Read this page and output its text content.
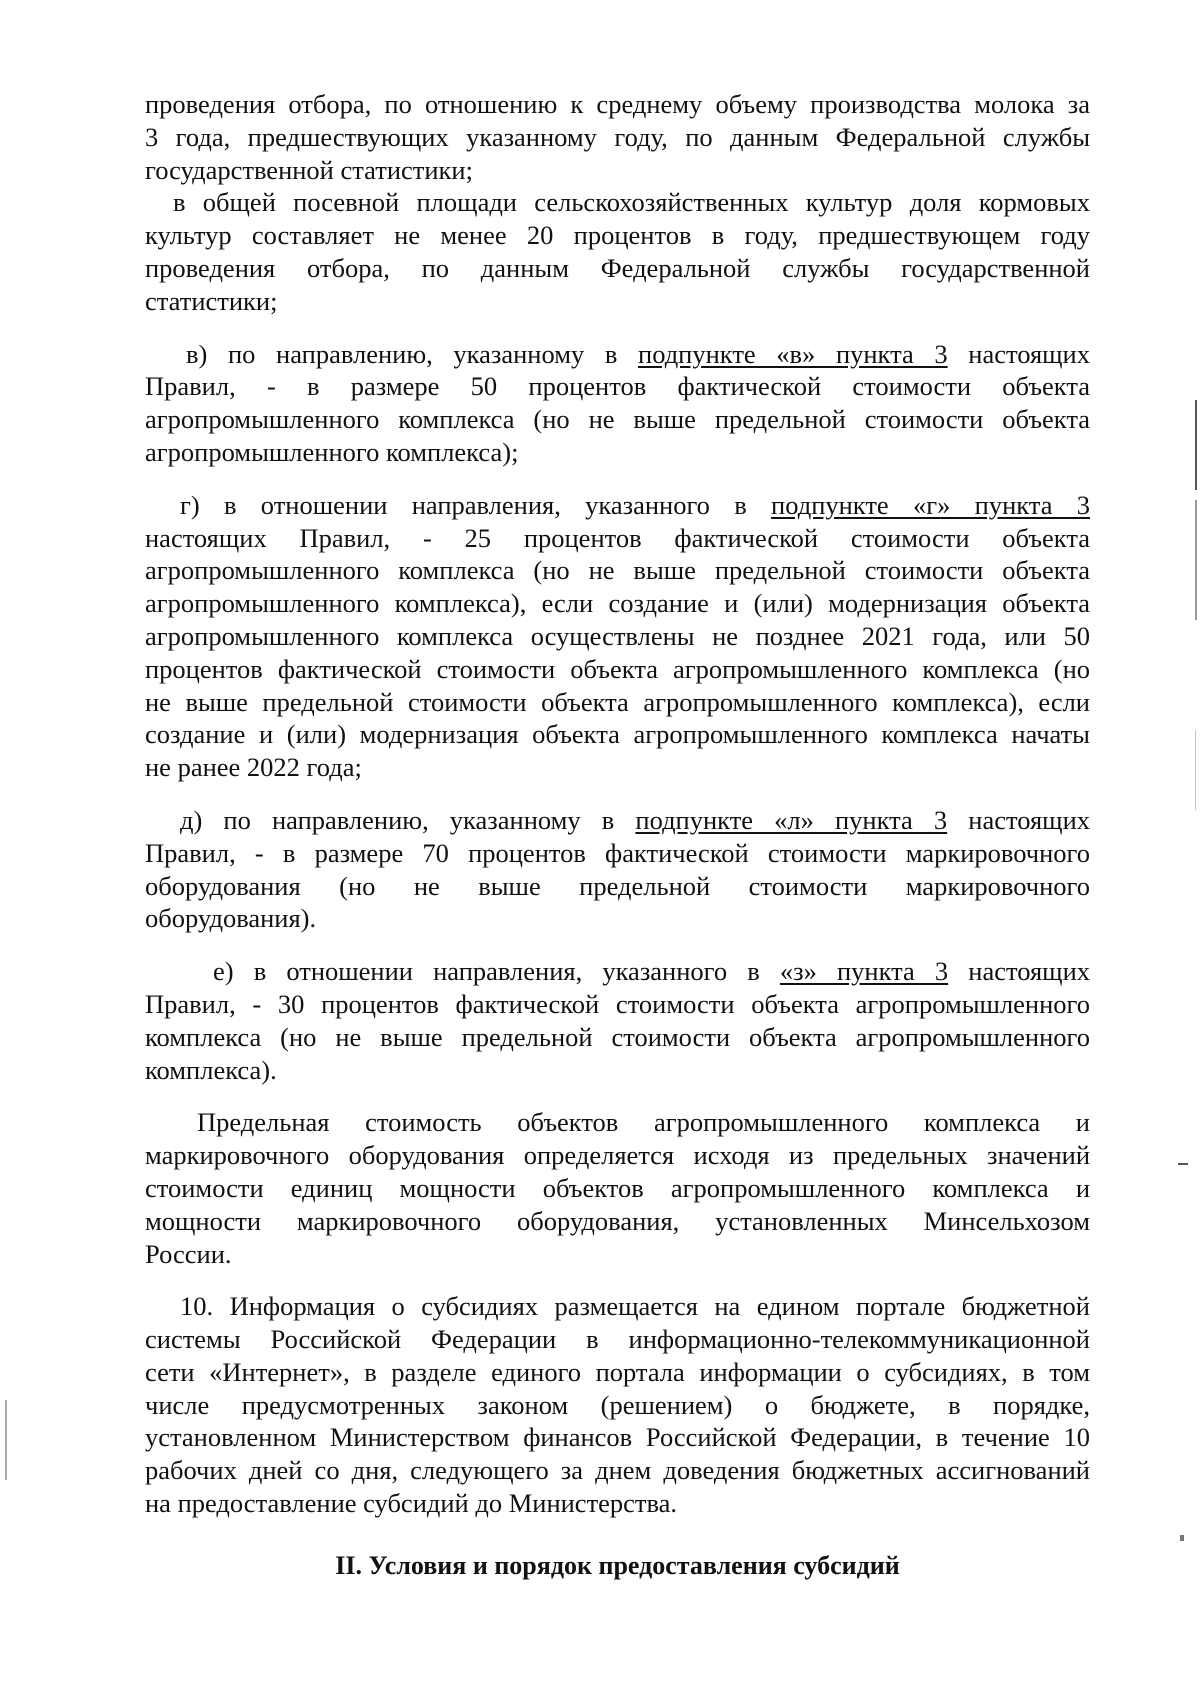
проведения отбора, по отношению к среднему объему производства молока за
3 года, предшествующих указанному году, по данным Федеральной службы
государственной статистики;
в общей посевной площади сельскохозяйственных культур доля кормовых
культур составляет не менее 20 процентов в году, предшествующем году
проведения отбора, по данным Федеральной службы государственной
статистики;
в) по направлению, указанному в подпункте «в» пункта 3 настоящих
Правил, - в размере 50 процентов фактической стоимости объекта
агропромышленного комплекса (но не выше предельной стоимости объекта
агропромышленного комплекса);
г) в отношении направления, указанного в подпункте «г» пункта 3
настоящих Правил, - 25 процентов фактической стоимости объекта
агропромышленного комплекса (но не выше предельной стоимости объекта
агропромышленного комплекса), если создание и (или) модернизация объекта
агропромышленного комплекса осуществлены не позднее 2021 года, или 50
процентов фактической стоимости объекта агропромышленного комплекса (но
не выше предельной стоимости объекта агропромышленного комплекса), если
создание и (или) модернизация объекта агропромышленного комплекса начаты
не ранее 2022 года;
д) по направлению, указанному в подпункте «л» пункта 3 настоящих
Правил, - в размере 70 процентов фактической стоимости маркировочного
оборудования (но не выше предельной стоимости маркировочного
оборудования).
е) в отношении направления, указанного в «з» пункта 3 настоящих
Правил, - 30 процентов фактической стоимости объекта агропромышленного
комплекса (но не выше предельной стоимости объекта агропромышленного
комплекса).
Предельная стоимость объектов агропромышленного комплекса и
маркировочного оборудования определяется исходя из предельных значений
стоимости единиц мощности объектов агропромышленного комплекса и
мощности маркировочного оборудования, установленных Минсельхозом
России.
10. Информация о субсидиях размещается на едином портале бюджетной
системы Российской Федерации в информационно-телекоммуникационной
сети «Интернет», в разделе единого портала информации о субсидиях, в том
числе предусмотренных законом (решением) о бюджете, в порядке,
установленном Министерством финансов Российской Федерации, в течение 10
рабочих дней со дня, следующего за днем доведения бюджетных ассигнований
на предоставление субсидий до Министерства.
II. Условия и порядок предоставления субсидий
